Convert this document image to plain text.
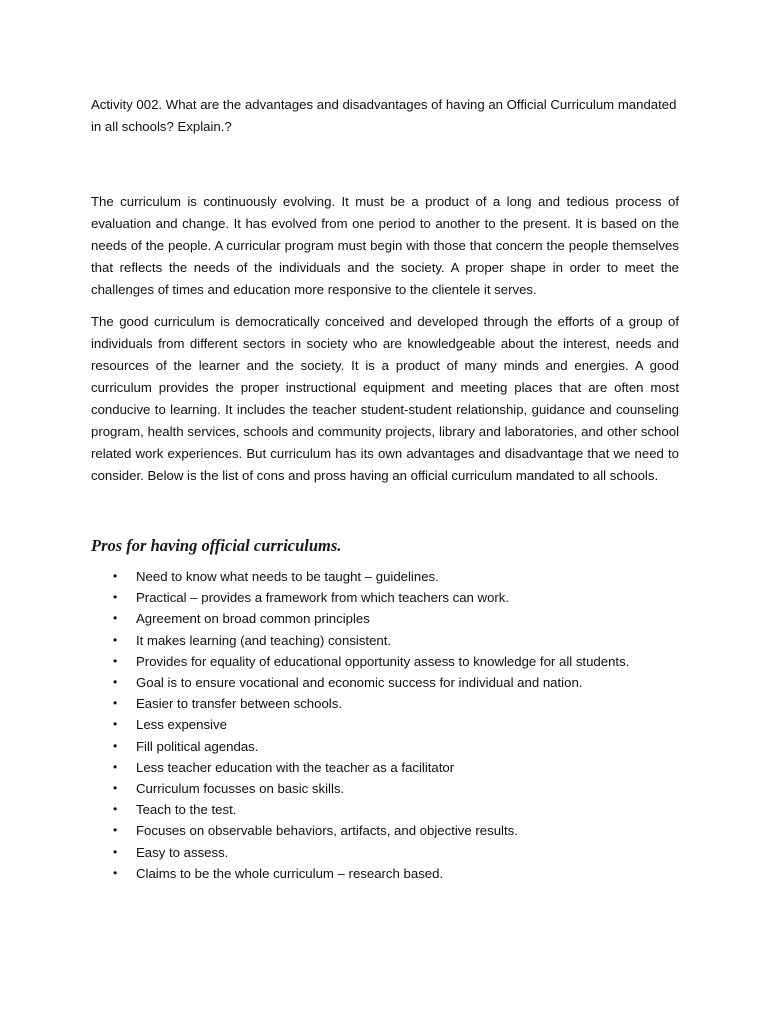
Activity 002. What are the advantages and disadvantages of having an Official Curriculum mandated in all schools? Explain.?

The curriculum is continuously evolving. It must be a product of a long and tedious process of evaluation and change. It has evolved from one period to another to the present. It is based on the needs of the people. A curricular program must begin with those that concern the people themselves that reflects the needs of the individuals and the society. A proper shape in order to meet the challenges of times and education more responsive to the clientele it serves.

The good curriculum is democratically conceived and developed through the efforts of a group of individuals from different sectors in society who are knowledgeable about the interest, needs and resources of the learner and the society. It is a product of many minds and energies. A good curriculum provides the proper instructional equipment and meeting places that are often most conducive to learning. It includes the teacher student-student relationship, guidance and counseling program, health services, schools and community projects, library and laboratories, and other school related work experiences. But curriculum has its own advantages and disadvantage that we need to consider. Below is the list of cons and pross having an official curriculum mandated to all schools.

Pros for having official curriculums.
• Need to know what needs to be taught – guidelines.
• Practical – provides a framework from which teachers can work.
• Agreement on broad common principles
• It makes learning (and teaching) consistent.
• Provides for equality of educational opportunity assess to knowledge for all students.
• Goal is to ensure vocational and economic success for individual and nation.
• Easier to transfer between schools.
• Less expensive
• Fill political agendas.
• Less teacher education with the teacher as a facilitator
• Curriculum focusses on basic skills.
• Teach to the test.
• Focuses on observable behaviors, artifacts, and objective results.
• Easy to assess.
• Claims to be the whole curriculum – research based.
